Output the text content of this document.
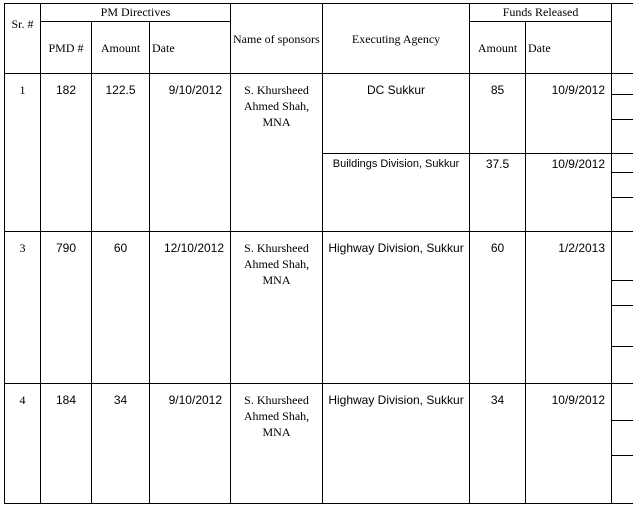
Sr. #	PM Directives			Name of sponsors	Executing Agency	Funds Released		
	PMD #	Amount	Date			Amount	Date	
1	182	122.5	9/10/2012	S. Khursheed Ahmed Shah, MNA	DC Sukkur	85	10/9/2012	

					Buildings Division, Sukkur	37.5	10/9/2012	

3	790	60	12/10/2012	S. Khursheed Ahmed Shah, MNA	Highway Division, Sukkur	60	1/2/2013	

4	184	34	9/10/2012	S. Khursheed Ahmed Shah, MNA	Highway Division, Sukkur	34	10/9/2012	
